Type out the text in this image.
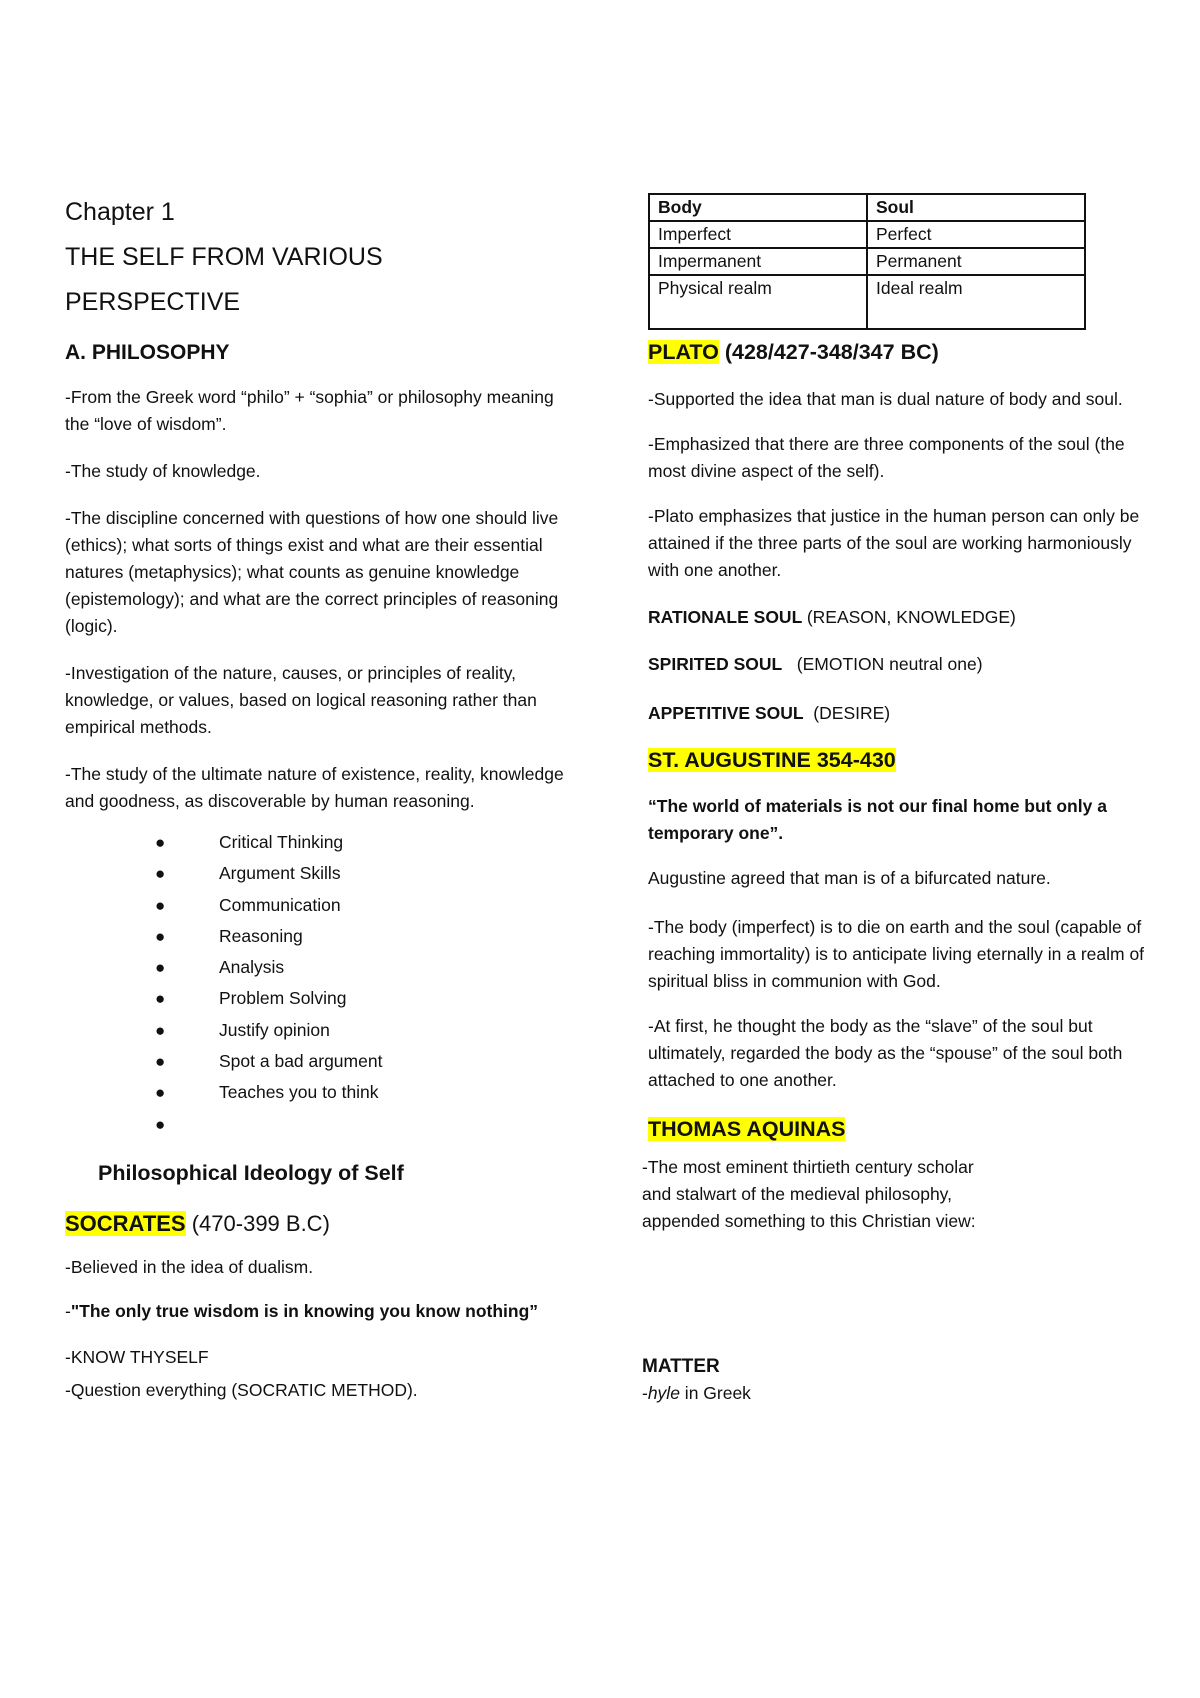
Chapter 1
THE SELF FROM VARIOUS
PERSPECTIVE
A. PHILOSOPHY

-From the Greek word “philo” + “sophia” or philosophy meaning the “love of wisdom”.

-The study of knowledge.

-The discipline concerned with questions of how one should live (ethics); what sorts of things exist and what are their essential natures (metaphysics); what counts as genuine knowledge (epistemology); and what are the correct principles of reasoning (logic).

-Investigation of the nature, causes, or principles of reality, knowledge, or values, based on logical reasoning rather than empirical methods.

-The study of the ultimate nature of existence, reality, knowledge and goodness, as discoverable by human reasoning.

●	Critical Thinking
●	Argument Skills
●	Communication
●	Reasoning
●	Analysis
●	Problem Solving
●	Justify opinion
●	Spot a bad argument
●	Teaches you to think
●
Philosophical Ideology of Self
SOCRATES (470-399 B.C)

-Believed in the idea of dualism.

-"The only true wisdom is in knowing you know nothing”

-KNOW THYSELF

-Question everything (SOCRATIC METHOD).

Body	Soul
Imperfect	Perfect
Impermanent	Permanent
Physical realm	Ideal realm
PLATO (428/427-348/347 BC)

-Supported the idea that man is dual nature of body and soul.

-Emphasized that there are three components of the soul (the most divine aspect of the self).

-Plato emphasizes that justice in the human person can only be attained if the three parts of the soul are working harmoniously with one another.

RATIONALE SOUL (REASON, KNOWLEDGE)

SPIRITED SOUL   (EMOTION neutral one)

APPETITIVE SOUL  (DESIRE)

ST. AUGUSTINE 354-430

“The world of materials is not our final home but only a temporary one”.

Augustine agreed that man is of a bifurcated nature.

-The body (imperfect) is to die on earth and the soul (capable of reaching immortality) is to anticipate living eternally in a realm of spiritual bliss in communion with God.

-At first, he thought the body as the “slave” of the soul but ultimately, regarded the body as the “spouse” of the soul both attached to one another.

THOMAS AQUINAS
-The most eminent thirtieth century scholar
and stalwart of the medieval philosophy,
appended something to this Christian view:
MATTER
-hyle in Greek
